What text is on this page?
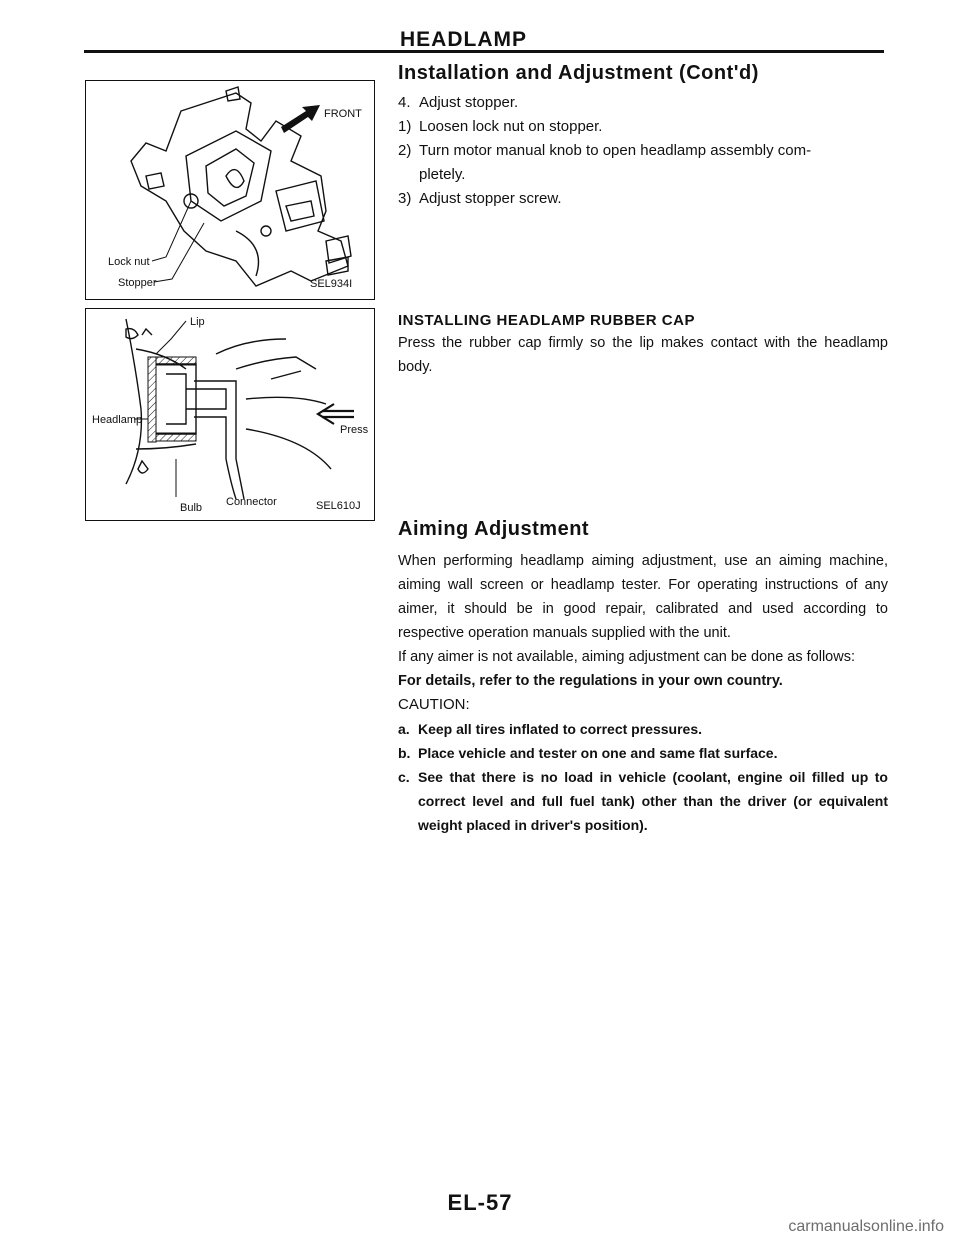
HEADLAMP
FRONT
Lock nut
Stopper	SEL934I
Lip
Headlamp
Press
Bulb Connector	SEL610J
Installation and Adjustment (Cont'd)
4. Adjust stopper.
1) Loosen lock nut on stopper.
2) Turn motor manual knob to open headlamp assembly com-
pletely.
3) Adjust stopper screw.
INSTALLING HEADLAMP RUBBER CAP

Press the rubber cap firmly so the lip makes contact with the headlamp body.

Aiming Adjustment

When performing headlamp aiming adjustment, use an aiming machine, aiming wall screen or headlamp tester. For operating instructions of any aimer, it should be in good repair, calibrated and used according to respective operation manuals supplied with the unit.

If any aimer is not available, aiming adjustment can be done as follows:

For details, refer to the regulations in your own country.

CAUTION:

a. Keep all tires inflated to correct pressures.
b. Place vehicle and tester on one and same flat surface.
c. See that there is no load in vehicle (coolant, engine oil filled up to correct level and full fuel tank) other than the driver (or equivalent weight placed in driver's position).
EL-57
carmanualsonline.info
